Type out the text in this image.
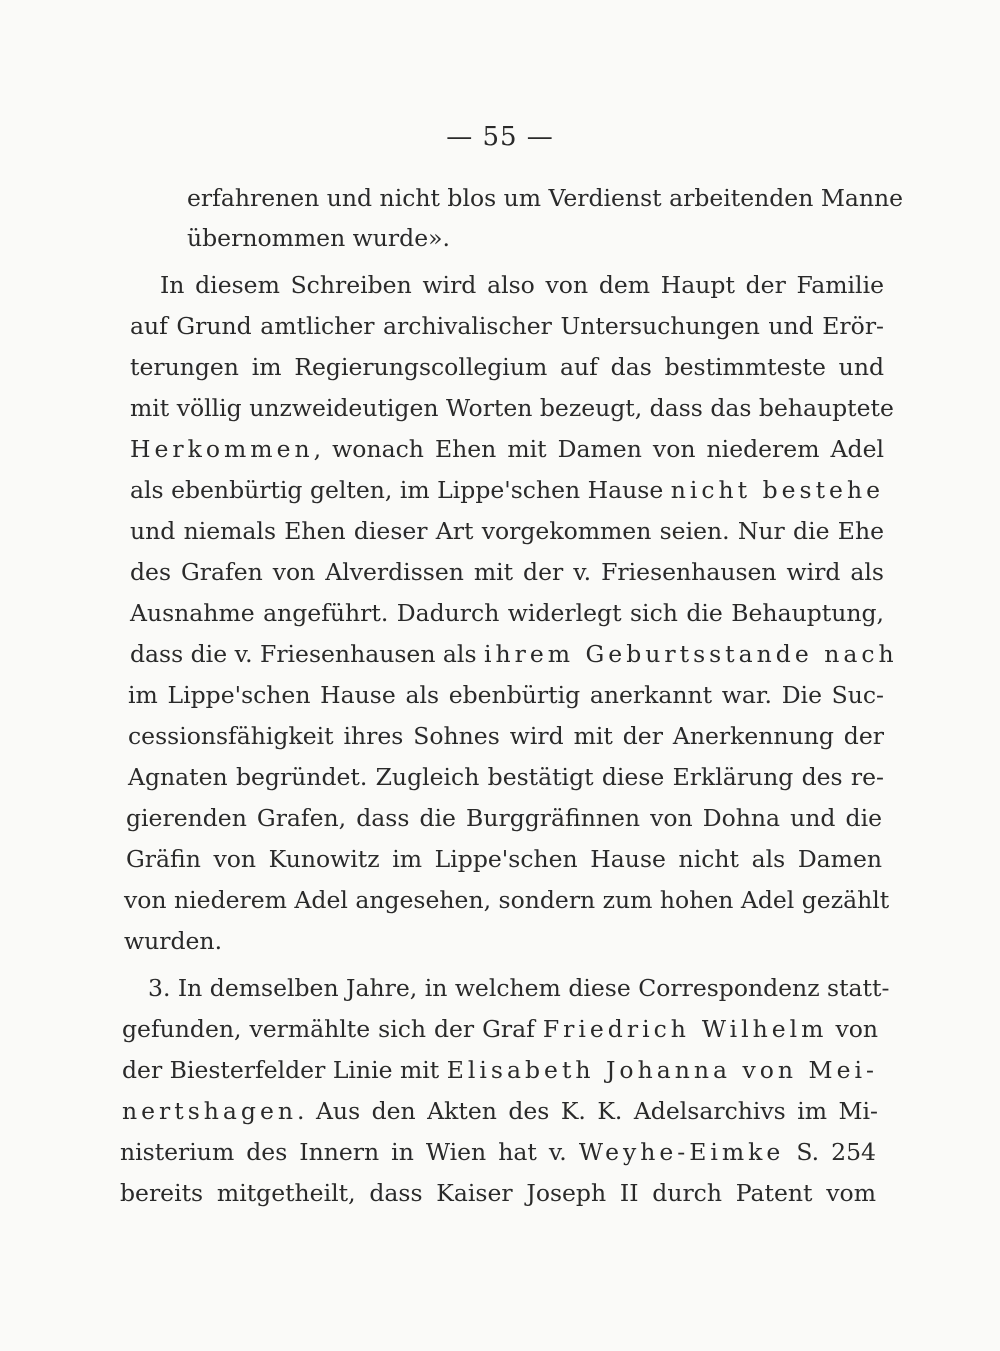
— 55 —
erfahrenen und nicht blos um Verdienst arbeitenden Manne
übernommen wurde».
In diesem Schreiben wird also von dem Haupt der Familie
auf Grund amtlicher archivalischer Untersuchungen und Erör-
terungen im Regierungscollegium auf das bestimmteste und
mit völlig unzweideutigen Worten bezeugt, dass das behauptete
Herkommen, wonach Ehen mit Damen von niederem Adel
als ebenbürtig gelten, im Lippe'schen Hause nicht bestehe
und niemals Ehen dieser Art vorgekommen seien. Nur die Ehe
des Grafen von Alverdissen mit der v. Friesenhausen wird als
Ausnahme angeführt. Dadurch widerlegt sich die Behauptung,
dass die v. Friesenhausen als ihrem Geburtsstande nach
im Lippe'schen Hause als ebenbürtig anerkannt war. Die Suc-
cessionsfähigkeit ihres Sohnes wird mit der Anerkennung der
Agnaten begründet. Zugleich bestätigt diese Erklärung des re-
gierenden Grafen, dass die Burggräfinnen von Dohna und die
Gräfin von Kunowitz im Lippe'schen Hause nicht als Damen
von niederem Adel angesehen, sondern zum hohen Adel gezählt
wurden.
3. In demselben Jahre, in welchem diese Correspondenz statt-
gefunden, vermählte sich der Graf Friedrich Wilhelm von
der Biesterfelder Linie mit Elisabeth Johanna von Mei-
nertshagen. Aus den Akten des K. K. Adelsarchivs im Mi-
nisterium des Innern in Wien hat v. Weyhe-Eimke S. 254
bereits mitgetheilt, dass Kaiser Joseph II durch Patent vom
